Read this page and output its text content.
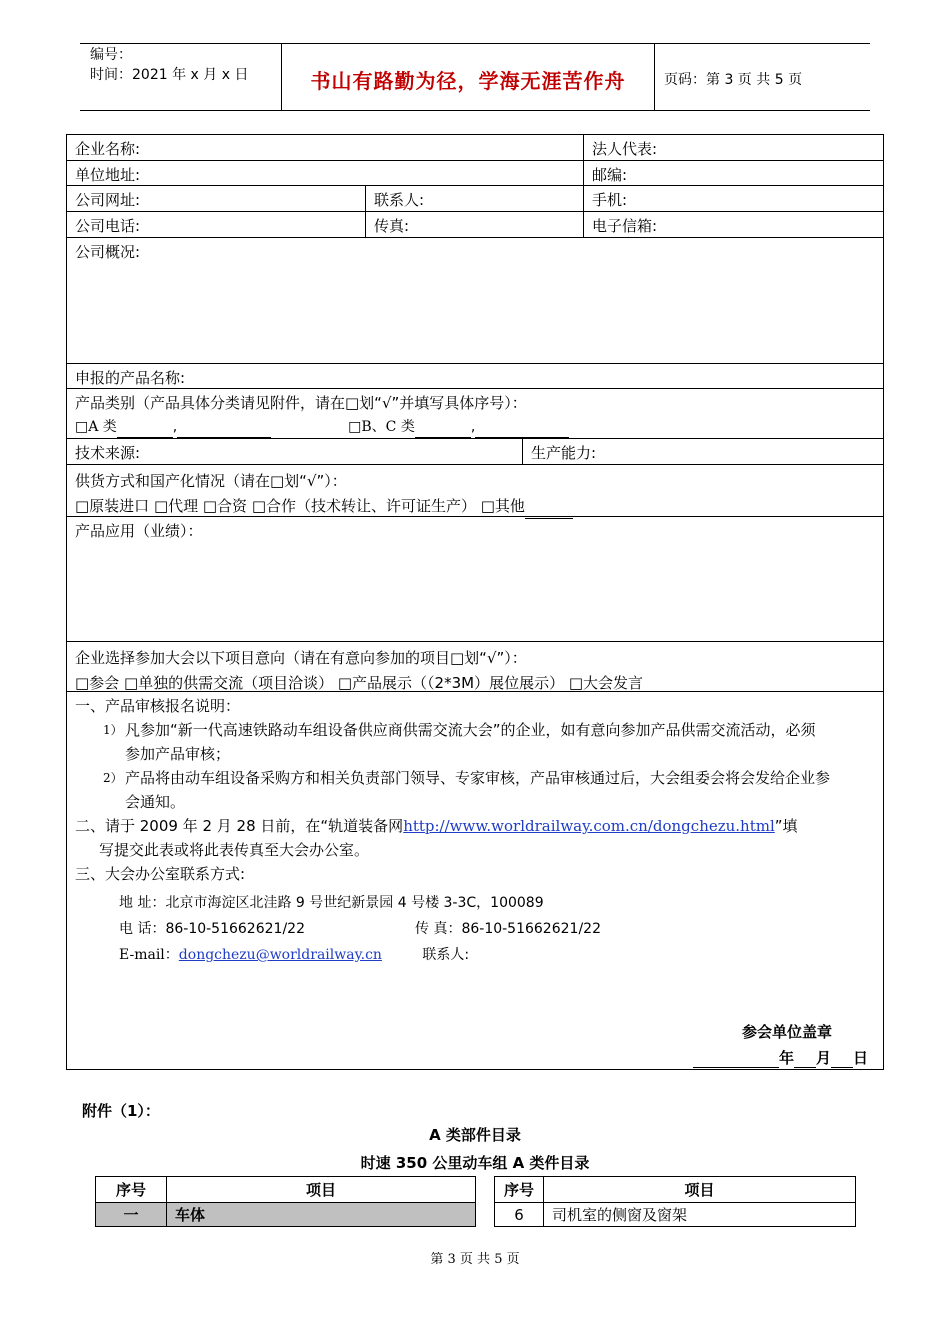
编号：
时间：2021 年 x 月 x 日	书山有路勤为径，学海无涯苦作舟	页码：第 3 页 共 5 页
企业名称:	法人代表:
单位地址:	邮编:
公司网址:	联系人:	手机:
公司电话:	传真:	电子信箱:
公司概况:
申报的产品名称:
产品类别（产品具体分类请见附件，请在□划“√”并填写具体序号）：
□A 类	,	□B、C 类	,
技术来源:	生产能力:
供货方式和国产化情况（请在□划“√”）：
□原装进口 □代理 □合资 □合作（技术转让、许可证生产） □其他
产品应用（业绩）：
企业选择参加大会以下项目意向（请在有意向参加的项目□划“√”）：
□参会 □单独的供需交流（项目洽谈） □产品展示（（2*3M）展位展示） □大会发言
一、产品审核报名说明：
1） 凡参加“新一代高速铁路动车组设备供应商供需交流大会”的企业，如有意向参加产品供需交流活动，必须
参加产品审核；
2） 产品将由动车组设备采购方和相关负责部门领导、专家审核，产品审核通过后，大会组委会将会发给企业参
会通知。
二、请于 2009 年 2 月 28 日前，在“轨道装备网http://www.worldrailway.com.cn/dongchezu.html”填
写提交此表或将此表传真至大会办公室。
三、大会办公室联系方式:
地 址：北京市海淀区北洼路 9 号世纪新景园 4 号楼 3-3C，100089
电 话：86-10-51662621/22	传 真：86-10-51662621/22
E-mail：dongchezu@worldrailway.cn	联系人:
参会单位盖章
年 月 日
附件（1）：
A 类部件目录
时速 350 公里动车组 A 类件目录
序号	项目
一	车体
序号	项目
6	司机室的侧窗及窗架
第 3 页 共 5 页
